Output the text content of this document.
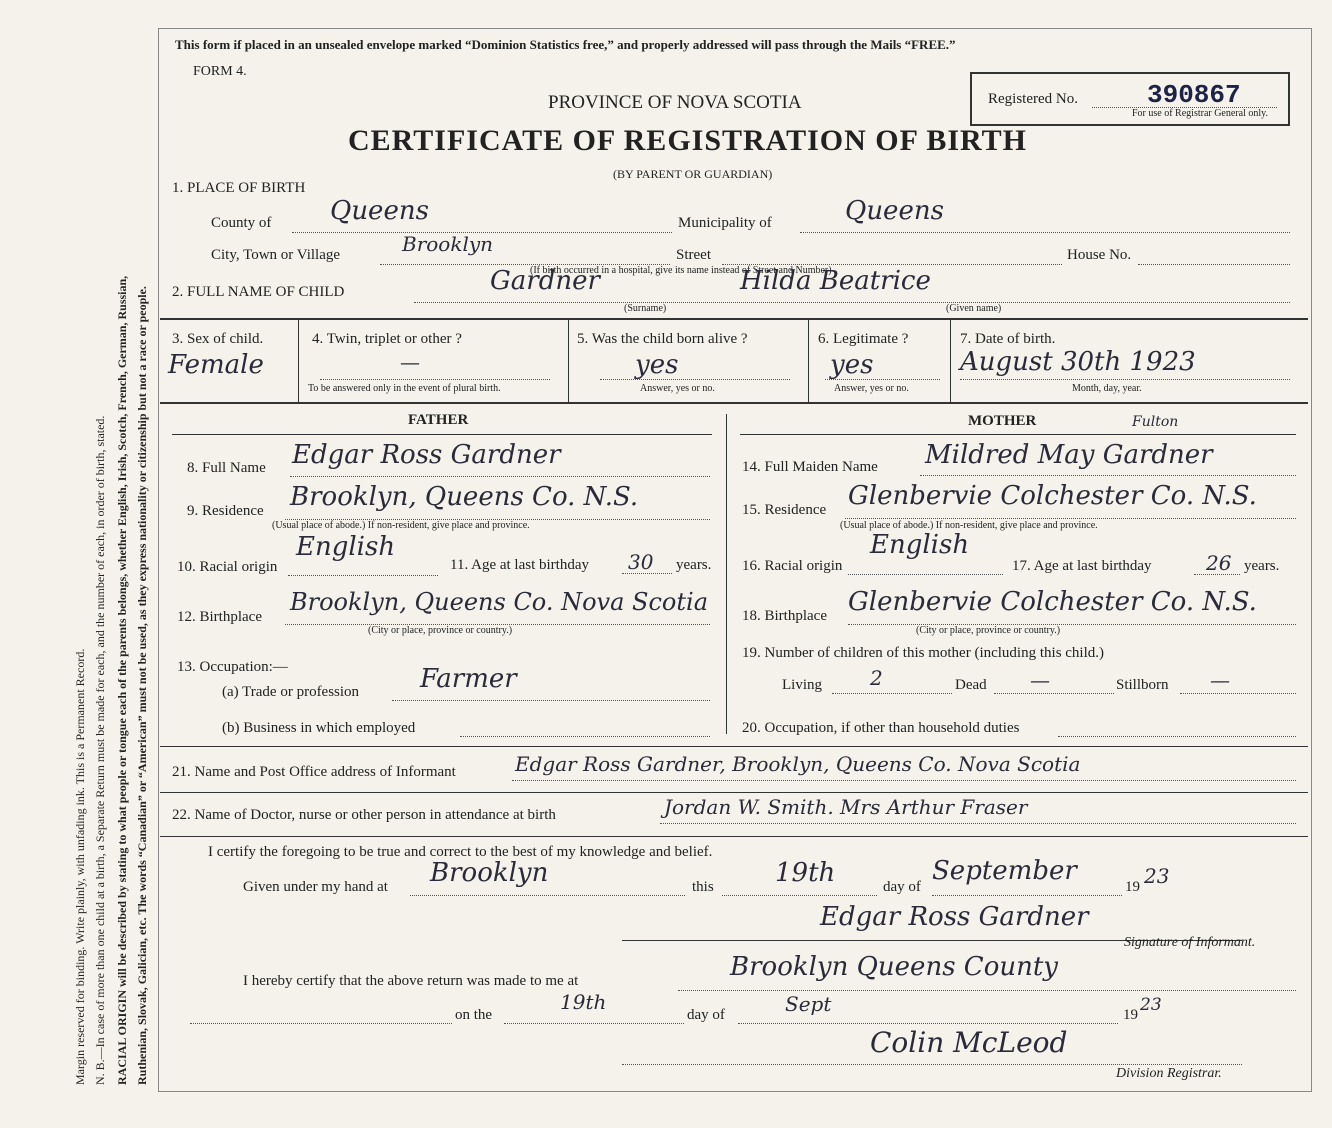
Margin reserved for binding. Write plainly, with unfading ink. This is a Permanent Record. N. B.—In case of more than one child at a birth, a Separate Return must be made for each, and the number of each, in order of birth, stated. RACIAL ORIGIN will be described by stating to what people or tongue each of the parents belongs, whether English, Irish, Scotch, French, German, Russian, Ruthenian, Slovak, Galician, etc. The words “Canadian” or “American” must not be used, as they express nationality or citizenship but not a race or people.
This form if placed in an unsealed envelope marked “Dominion Statistics free,” and properly addressed will pass through the Mails “FREE.”
FORM 4.
PROVINCE OF NOVA SCOTIA
CERTIFICATE OF REGISTRATION OF BIRTH
(BY PARENT OR GUARDIAN)
Registered No.	390867
For use of Registrar General only.
1. PLACE OF BIRTH
County of Queens	Municipality of	Queens
City, Town or Village	Brooklyn	Street	House No.
(If birth occurred in a hospital, give its name instead of Street and Number)
2. FULL NAME OF CHILD	Gardner	Hilda Beatrice
(Surname)	(Given name)
3. Sex of child.
Female
4. Twin, triplet or other ?
—
To be answered only in the event of plural birth.
5. Was the child born alive ?
yes
Answer, yes or no.
6. Legitimate ?
yes
Answer, yes or no.
7. Date of birth.
August 30th 1923
Month, day, year.
FATHER	MOTHER
8. Full Name Edgar Ross Gardner
9. Residence Brooklyn, Queens Co. N.S.
(Usual place of abode.) If non-resident, give place and province.
10. Racial origin
English
11. Age at last birthday 30 years.
12. Birthplace
Brooklyn, Queens Co. Nova Scotia
(City or place, province or country.)
13. Occupation:—
(a) Trade or profession Farmer
(b) Business in which employed
14. Full Maiden Name Mildred May Gardner
Fulton
15. Residence Glenbervie Colchester Co. N.S.
(Usual place of abode.) If non-resident, give place and province.
16. Racial origin
English
17. Age at last birthday	26 years.
18. Birthplace Glenbervie Colchester Co. N.S.
(City or place, province or country.)
19. Number of children of this mother (including this child.)
Living 2	Dead —	Stillborn —
20. Occupation, if other than household duties
21. Name and Post Office address of Informant	Edgar Ross Gardner, Brooklyn, Queens Co. Nova Scotia
22. Name of Doctor, nurse or other person in attendance at birth	Jordan W. Smith. Mrs Arthur Fraser
I certify the foregoing to be true and correct to the best of my knowledge and belief.
Given under my hand at Brooklyn	this 19th	day of
September
19 23
Edgar Ross Gardner
Signature of Informant.
I hereby certify that the above return was made to me at	Brooklyn Queens County
on the
19th
day of	Sept	19 23
Colin McLeod
Division Registrar.
